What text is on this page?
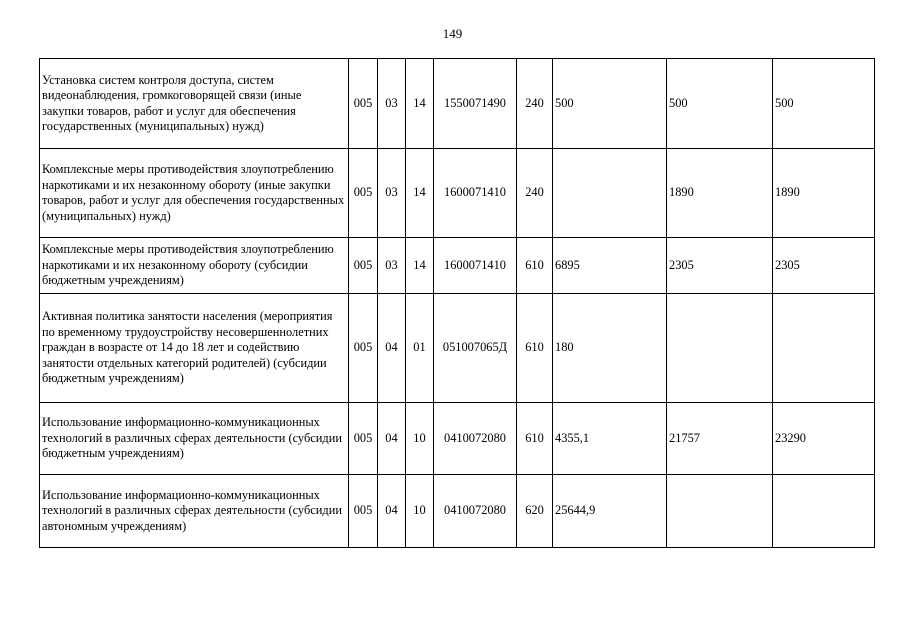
149
Установка систем контроля доступа, систем видеонаблюдения, громкоговорящей связи (иные закупки товаров, работ и услуг для обеспечения государственных (муниципальных) нужд)	005	03	14	1550071490	240	500	500	500
Комплексные меры противодействия злоупотреблению наркотиками и их незаконному обороту (иные закупки товаров, работ и услуг для обеспечения государственных (муниципальных) нужд)	005	03	14	1600071410	240		1890	1890
Комплексные меры противодействия злоупотреблению наркотиками и их незаконному обороту (субсидии бюджетным учреждениям)	005	03	14	1600071410	610	6895	2305	2305
Активная политика занятости населения (мероприятия по временному трудоустройству несовершеннолетних граждан в возрасте от 14 до 18 лет и содействию занятости отдельных категорий родителей) (субсидии бюджетным учреждениям)	005	04	01	051007065Д	610	180		
Использование информационно-коммуникационных технологий в различных сферах деятельности (субсидии бюджетным учреждениям)	005	04	10	0410072080	610	4355,1	21757	23290
Использование информационно-коммуникационных технологий в различных сферах деятельности (субсидии автономным учреждениям)	005	04	10	0410072080	620	25644,9		
